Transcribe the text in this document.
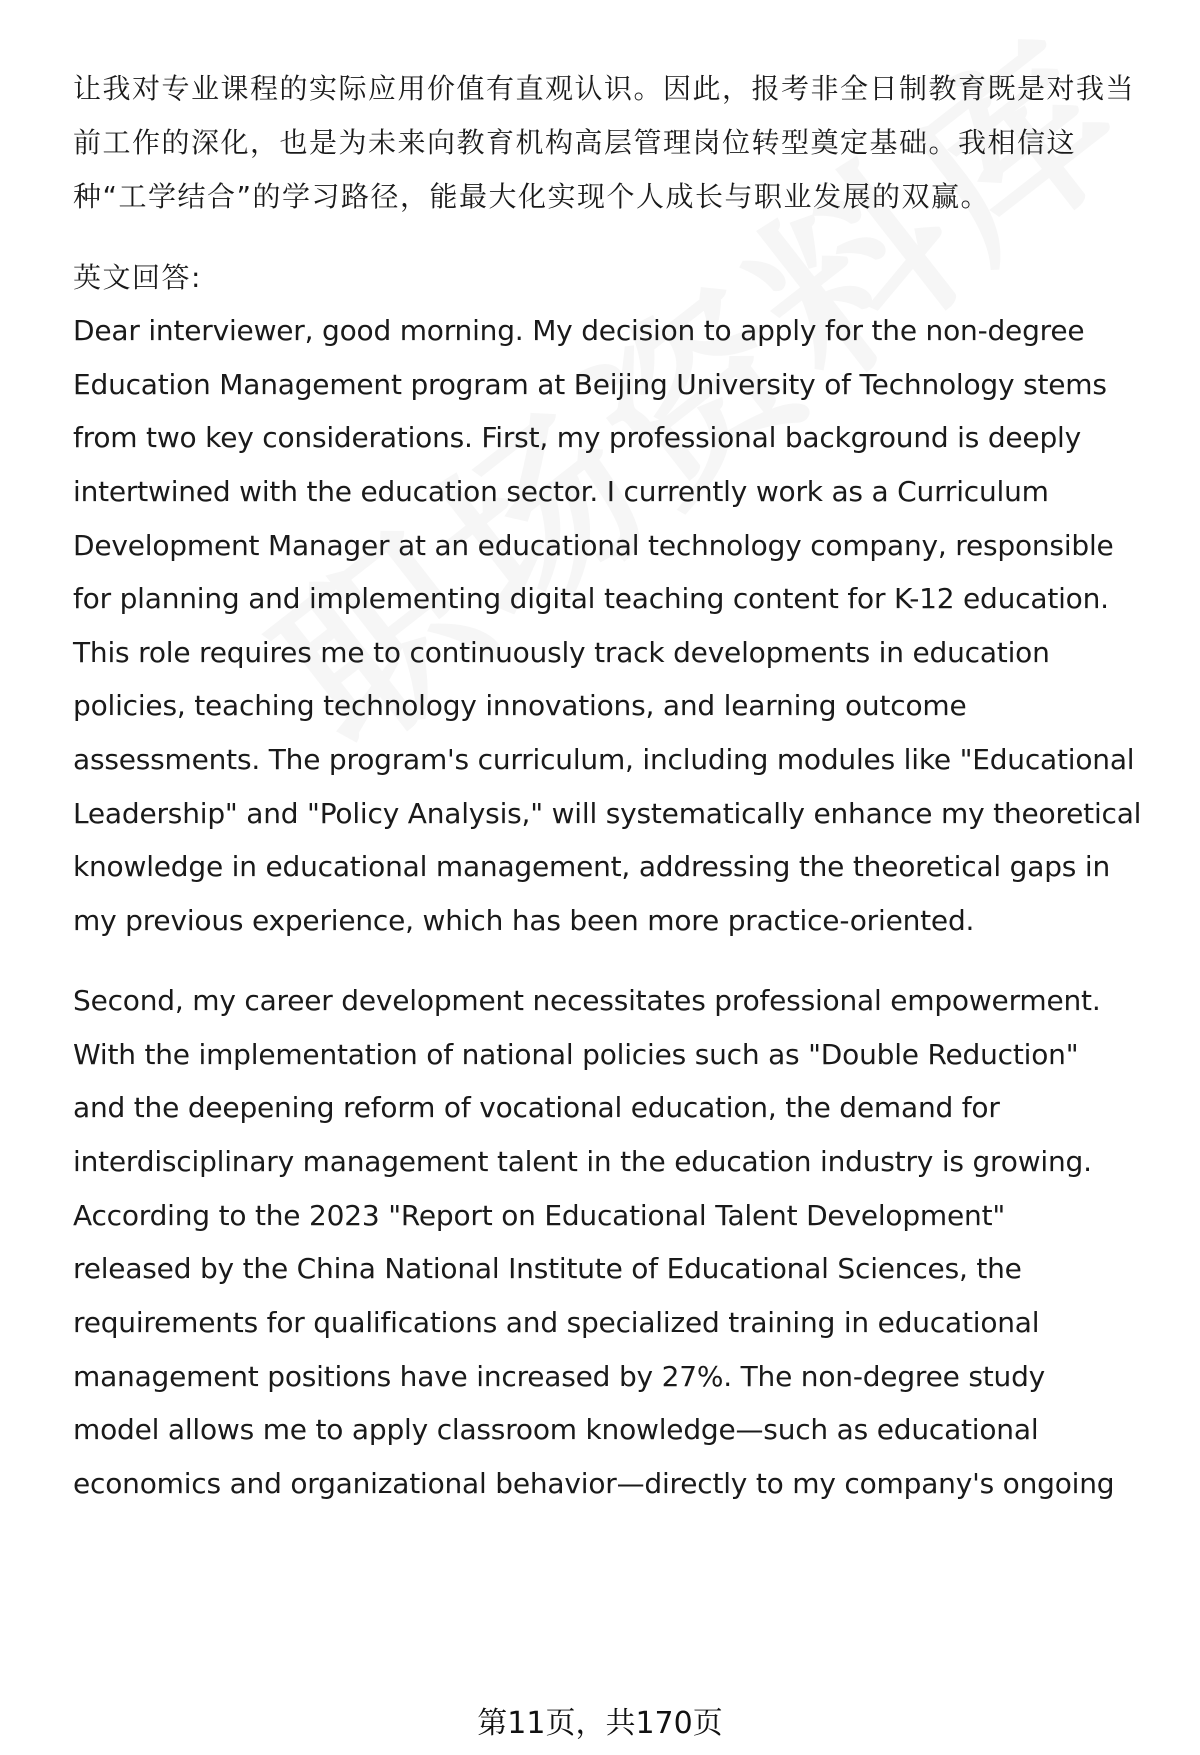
让我对专业课程的实际应用价值有直观认识。因此，报考非全日制教育既是对我当
前工作的深化，也是为未来向教育机构高层管理岗位转型奠定基础。我相信这
种“工学结合”的学习路径，能最大化实现个人成长与职业发展的双赢。
英文回答:
Dear interviewer, good morning. My decision to apply for the non-degree
Education Management program at Beijing University of Technology stems
from two key considerations. First, my professional background is deeply
intertwined with the education sector. I currently work as a Curriculum
Development Manager at an educational technology company, responsible
for planning and implementing digital teaching content for K-12 education.
This role requires me to continuously track developments in education
policies, teaching technology innovations, and learning outcome
assessments. The program's curriculum, including modules like "Educational
Leadership" and "Policy Analysis," will systematically enhance my theoretical
knowledge in educational management, addressing the theoretical gaps in
my previous experience, which has been more practice-oriented.
Second, my career development necessitates professional empowerment.
With the implementation of national policies such as "Double Reduction"
and the deepening reform of vocational education, the demand for
interdisciplinary management talent in the education industry is growing.
According to the 2023 "Report on Educational Talent Development"
released by the China National Institute of Educational Sciences, the
requirements for qualifications and specialized training in educational
management positions have increased by 27%. The non-degree study
model allows me to apply classroom knowledge—such as educational
economics and organizational behavior—directly to my company's ongoing
第11页，共170页
